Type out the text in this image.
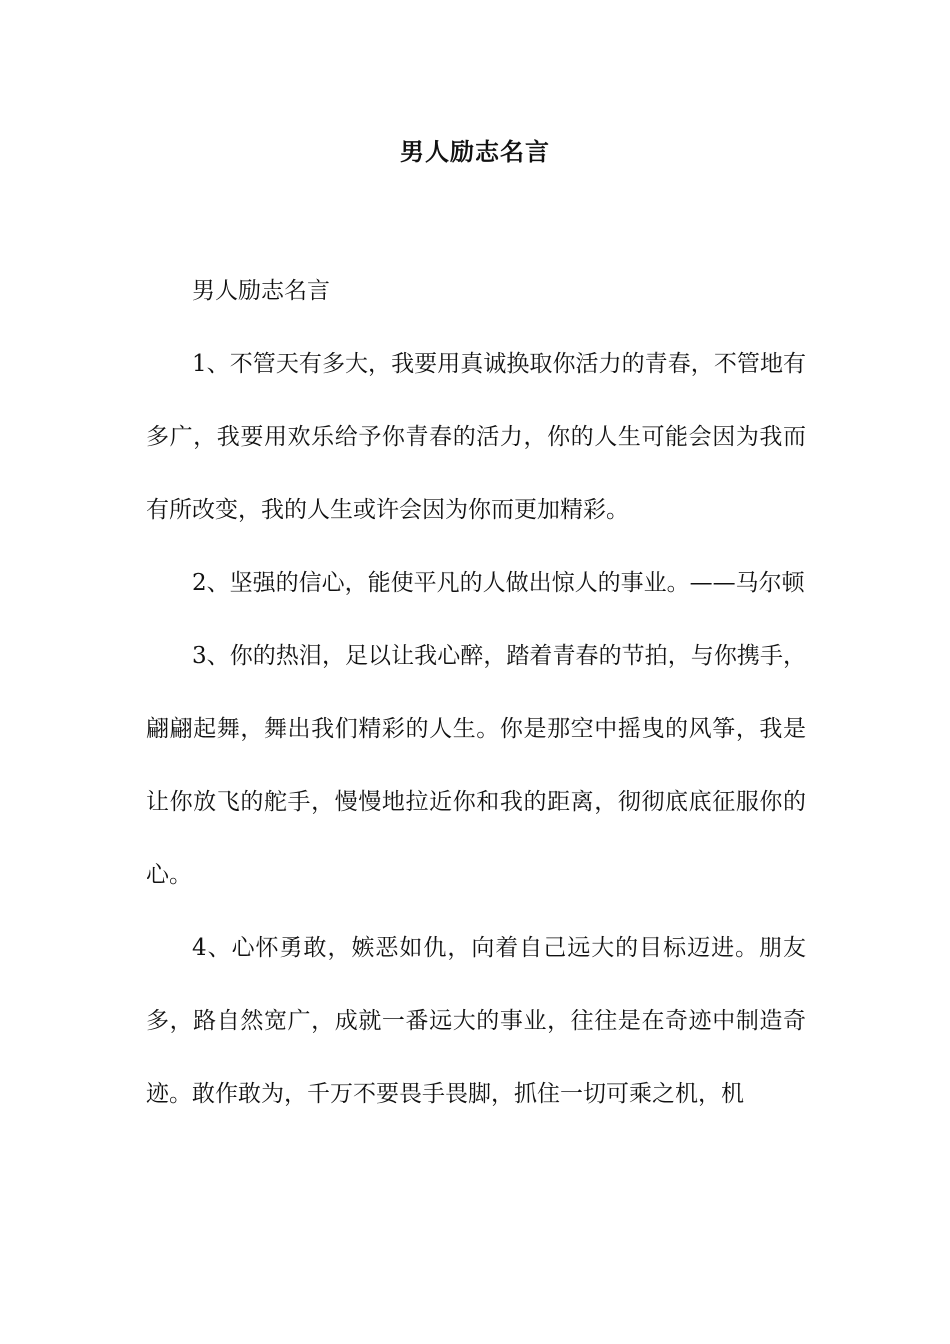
男人励志名言

男人励志名言

1、不管天有多大，我要用真诚换取你活力的青春，不管地有多广，我要用欢乐给予你青春的活力，你的人生可能会因为我而有所改变，我的人生或许会因为你而更加精彩。

2、坚强的信心，能使平凡的人做出惊人的事业。——马尔顿

3、你的热泪，足以让我心醉，踏着青春的节拍，与你携手，翩翩起舞，舞出我们精彩的人生。你是那空中摇曳的风筝，我是让你放飞的舵手，慢慢地拉近你和我的距离，彻彻底底征服你的心。

4、心怀勇敢，嫉恶如仇，向着自己远大的目标迈进。朋友多，路自然宽广，成就一番远大的事业，往往是在奇迹中制造奇迹。敢作敢为，千万不要畏手畏脚，抓住一切可乘之机，机
